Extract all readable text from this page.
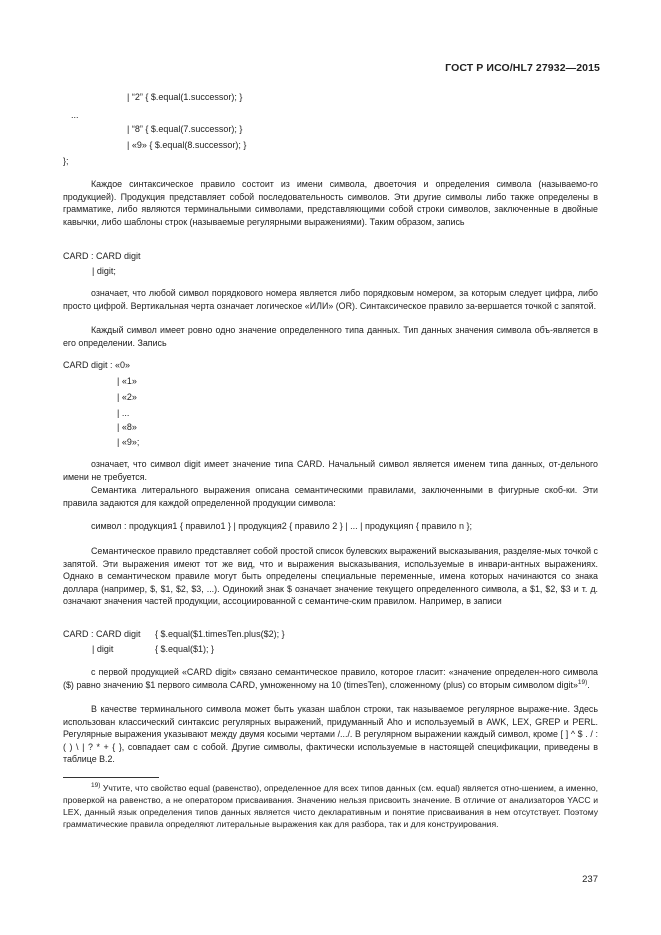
ГОСТ Р ИСО/HL7 27932—2015
| “2” { $.equal(1.successor); }
...
| “8” { $.equal(7.successor); }
| «9» { $.equal(8.successor); }
};

Каждое синтаксическое правило состоит из имени символа, двоеточия и определения символа (называемо-го продукцией). Продукция представляет собой последовательность символов. Эти другие символы либо также определены в грамматике, либо являются терминальными символами, представляющими собой строки символов, заключенные в двойные кавычки, либо шаблоны строк (называемые регулярными выражениями). Таким образом, запись

CARD : CARD digit
| digit;

означает, что любой символ порядкового номера является либо порядковым номером, за которым следует цифра, либо просто цифрой. Вертикальная черта означает логическое «ИЛИ» (OR). Синтаксическое правило за-вершается точкой с запятой.

Каждый символ имеет ровно одно значение определенного типа данных. Тип данных значения символа объ-является в его определении. Запись

CARD digit : «0»
| «1»
| «2»
| ...
| «8»
| «9»;

означает, что символ digit имеет значение типа CARD. Начальный символ является именем типа данных, от-дельного имени не требуется.

Семантика литерального выражения описана семантическими правилами, заключенными в фигурные скоб-ки. Эти правила задаются для каждой определенной продукции символа:

символ : продукция1 { правило1 } | продукция2 { правило 2 } | ... | продукцияn { правило n };

Семантическое правило представляет собой простой список булевских выражений высказывания, разделяе-мых точкой с запятой. Эти выражения имеют тот же вид, что и выражения высказывания, используемые в инвари-антных выражениях. Однако в семантическом правиле могут быть определены специальные переменные, имена которых начинаются со знака доллара (например, $, $1, $2, $3, ...). Одинокий знак $ означает значение текущего определенного символа, a $1, $2, $3 и т. д. означают значения частей продукции, ассоциированной с семантиче-ским правилом. Например, в записи

CARD : CARD digit { $.equal($1.timesTen.plus($2); }
| digit	{ $.equal($1); }

с первой продукцией «CARD digit» связано семантическое правило, которое гласит: «значение определен-ного символа ($) равно значению $1 первого символа CARD, умноженному на 10 (timesTen), сложенному (plus) со вторым символом digit»$^{19)}$.

В качестве терминального символа может быть указан шаблон строки, так называемое регулярное выраже-ние. Здесь использован классический синтаксис регулярных выражений, придуманный Aho и используемый в AWK, LEX, GREP и PERL. Регулярные выражения указывают между двумя косыми чертами /.../. В регулярном выражении каждый символ, кроме [ ] ^ $ . / : ( ) \ | ? * + { }, совпадает сам с собой. Другие символы, фактически используемые в настоящей спецификации, приведены в таблице В.2.

$^{19)}$ Учтите, что свойство equal (равенство), определенное для всех типов данных (см. equal) является отно-шением, а именно, проверкой на равенство, а не оператором присваивания. Значению нельзя присвоить значение. В отличие от анализаторов YACC и LEX, данный язык определения типов данных является чисто декларативным и понятие присваивания в нем отсутствует. Поэтому грамматические правила определяют литеральные выражения как для разбора, так и для конструирования.

237
